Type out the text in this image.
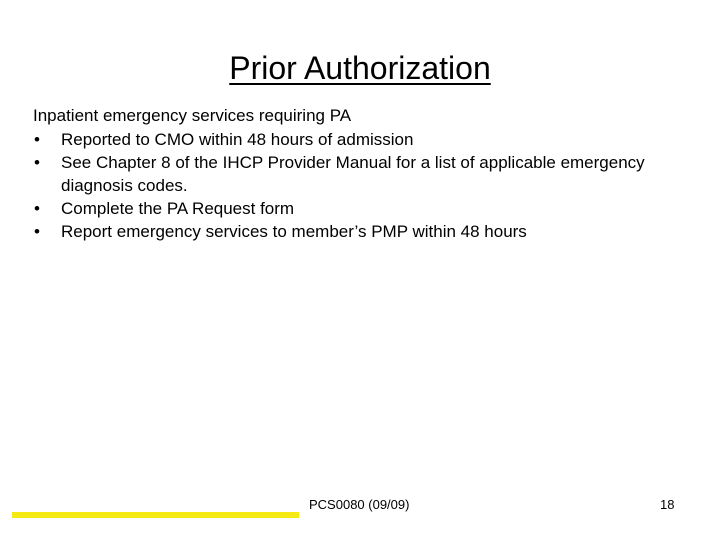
Prior Authorization

Inpatient emergency services requiring PA

• Reported to CMO within 48 hours of admission
• See Chapter 8 of the IHCP Provider Manual for a list of applicable emergency diagnosis codes.
• Complete the PA Request form
• Report emergency services to member’s PMP within 48 hours
PCS0080 (09/09)	18
